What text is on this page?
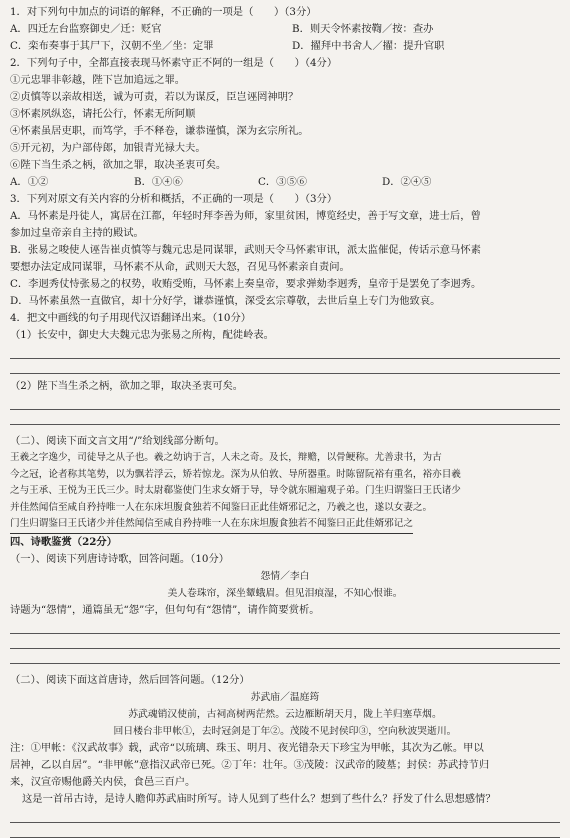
1．对下列句中加点的词语的解释，不正确的一项是（　　）（3分）
A．四迁左台监察御史／迁：贬官	B．则天令怀素按鞫／按：查办
C．栾布奏事于其尸下，汉朝不坐／坐：定罪	D．擢拜中书舍人／擢：提升官职
2．下列句子中，全都直接表现马怀素守正不阿的一组是（　　）（4分）
①元忠罪非彰越，陛下岂加追远之罪。
②贞慎等以亲故相送，诚为可责，若以为谋反，臣岂诬罔神明？
③怀素夙纵恣，请托公行，怀素无所阿顺
④怀素虽居吏职，而笃学，手不释卷，谦恭谨慎，深为玄宗所礼。
⑤开元初，为户部侍郎，加银青光禄大夫。
⑥陛下当生杀之柄，欲加之罪，取决圣衷可矣。
A．①②	B．①④⑥	C．③⑤⑥	D．②④⑤
3．下列对原文有关内容的分析和概括，不正确的一项是（　　）（3分）
A．马怀素是丹徒人，寓居在江都，年轻时拜李善为师，家里贫困，博览经史，善于写文章，进士后，曾
参加过皇帝亲自主持的殿试。
B．张易之唆使人诬告崔贞慎等与魏元忠是同谋罪，武则天令马怀素审讯，派太监催促，传话示意马怀素
要想办法定成同谋罪，马怀素不从命，武则天大怒，召见马怀素亲自责问。
C．李迥秀仗恃张易之的权势，收贿受贿，马怀素上奏皇帝，要求弹劾李迥秀，皇帝于是罢免了李迥秀。
D．马怀素虽然一直做官，却十分好学，谦恭谨慎，深受玄宗尊敬，去世后皇上专门为他致哀。
4．把文中画线的句子用现代汉语翻译出来。（10分）
（1）长安中，御史大夫魏元忠为张易之所构，配徙岭表。
（2）陛下当生杀之柄，欲加之罪，取决圣衷可矣。
（二）、阅读下面文言文用“/”给划线部分断句。
王羲之字逸少，司徒导之从子也。羲之幼讷于言，人未之奇。及长，辩赡，以骨鲠称。尤善隶书，为古
今之冠，论者称其笔势，以为飘若浮云，矫若惊龙。深为从伯敦、导所器重。时陈留阮裕有重名，裕亦目羲
之与王承、王悦为王氏三少。时太尉郗鉴使门生求女婿于导，导令就东厢遍观子弟。门生归谓鉴曰王氏诸少
并佳然闻信至咸自矜持唯一人在东床坦腹食独若不闻鉴曰正此佳婿邪记之，乃羲之也，遂以女妻之。
门生归谓鉴曰王氏诸少并佳然闻信至咸自矜持唯一人在东床坦腹食独若不闻鉴曰正此佳婿邪记之
四、诗歌鉴赏（22分）
（一）、阅读下列唐诗诗歌，回答问题。（10分）
怨情／李白
美人卷珠帘，深坐颦蛾眉。但见泪痕湿，不知心恨谁。
诗题为“怨情”，通篇虽无“怨”字，但句句有“怨情”，请作简要赏析。
（二）、阅读下面这首唐诗，然后回答问题。（12分）
苏武庙／温庭筠
苏武魂销汉使前，古祠高树两茫然。云边雁断胡天月，陇上羊归塞草烟。
回日楼台非甲帐①，去时冠剑是丁年②。茂陵不见封侯印③，空向秋波哭逝川。
注：①甲帐：《汉武故事》载，武帝“以琉璃、珠玉、明月、夜光错杂天下珍宝为甲帐，其次为乙帐。甲以
居神，乙以自居”。“非甲帐”意指汉武帝已死。②丁年：壮年。③茂陵：汉武帝的陵墓；封侯：苏武持节归
来，汉宣帝赐他爵关内侯，食邑三百户。
这是一首吊古诗，是诗人瞻仰苏武庙时所写。诗人见到了些什么？想到了些什么？抒发了什么思想感情？
